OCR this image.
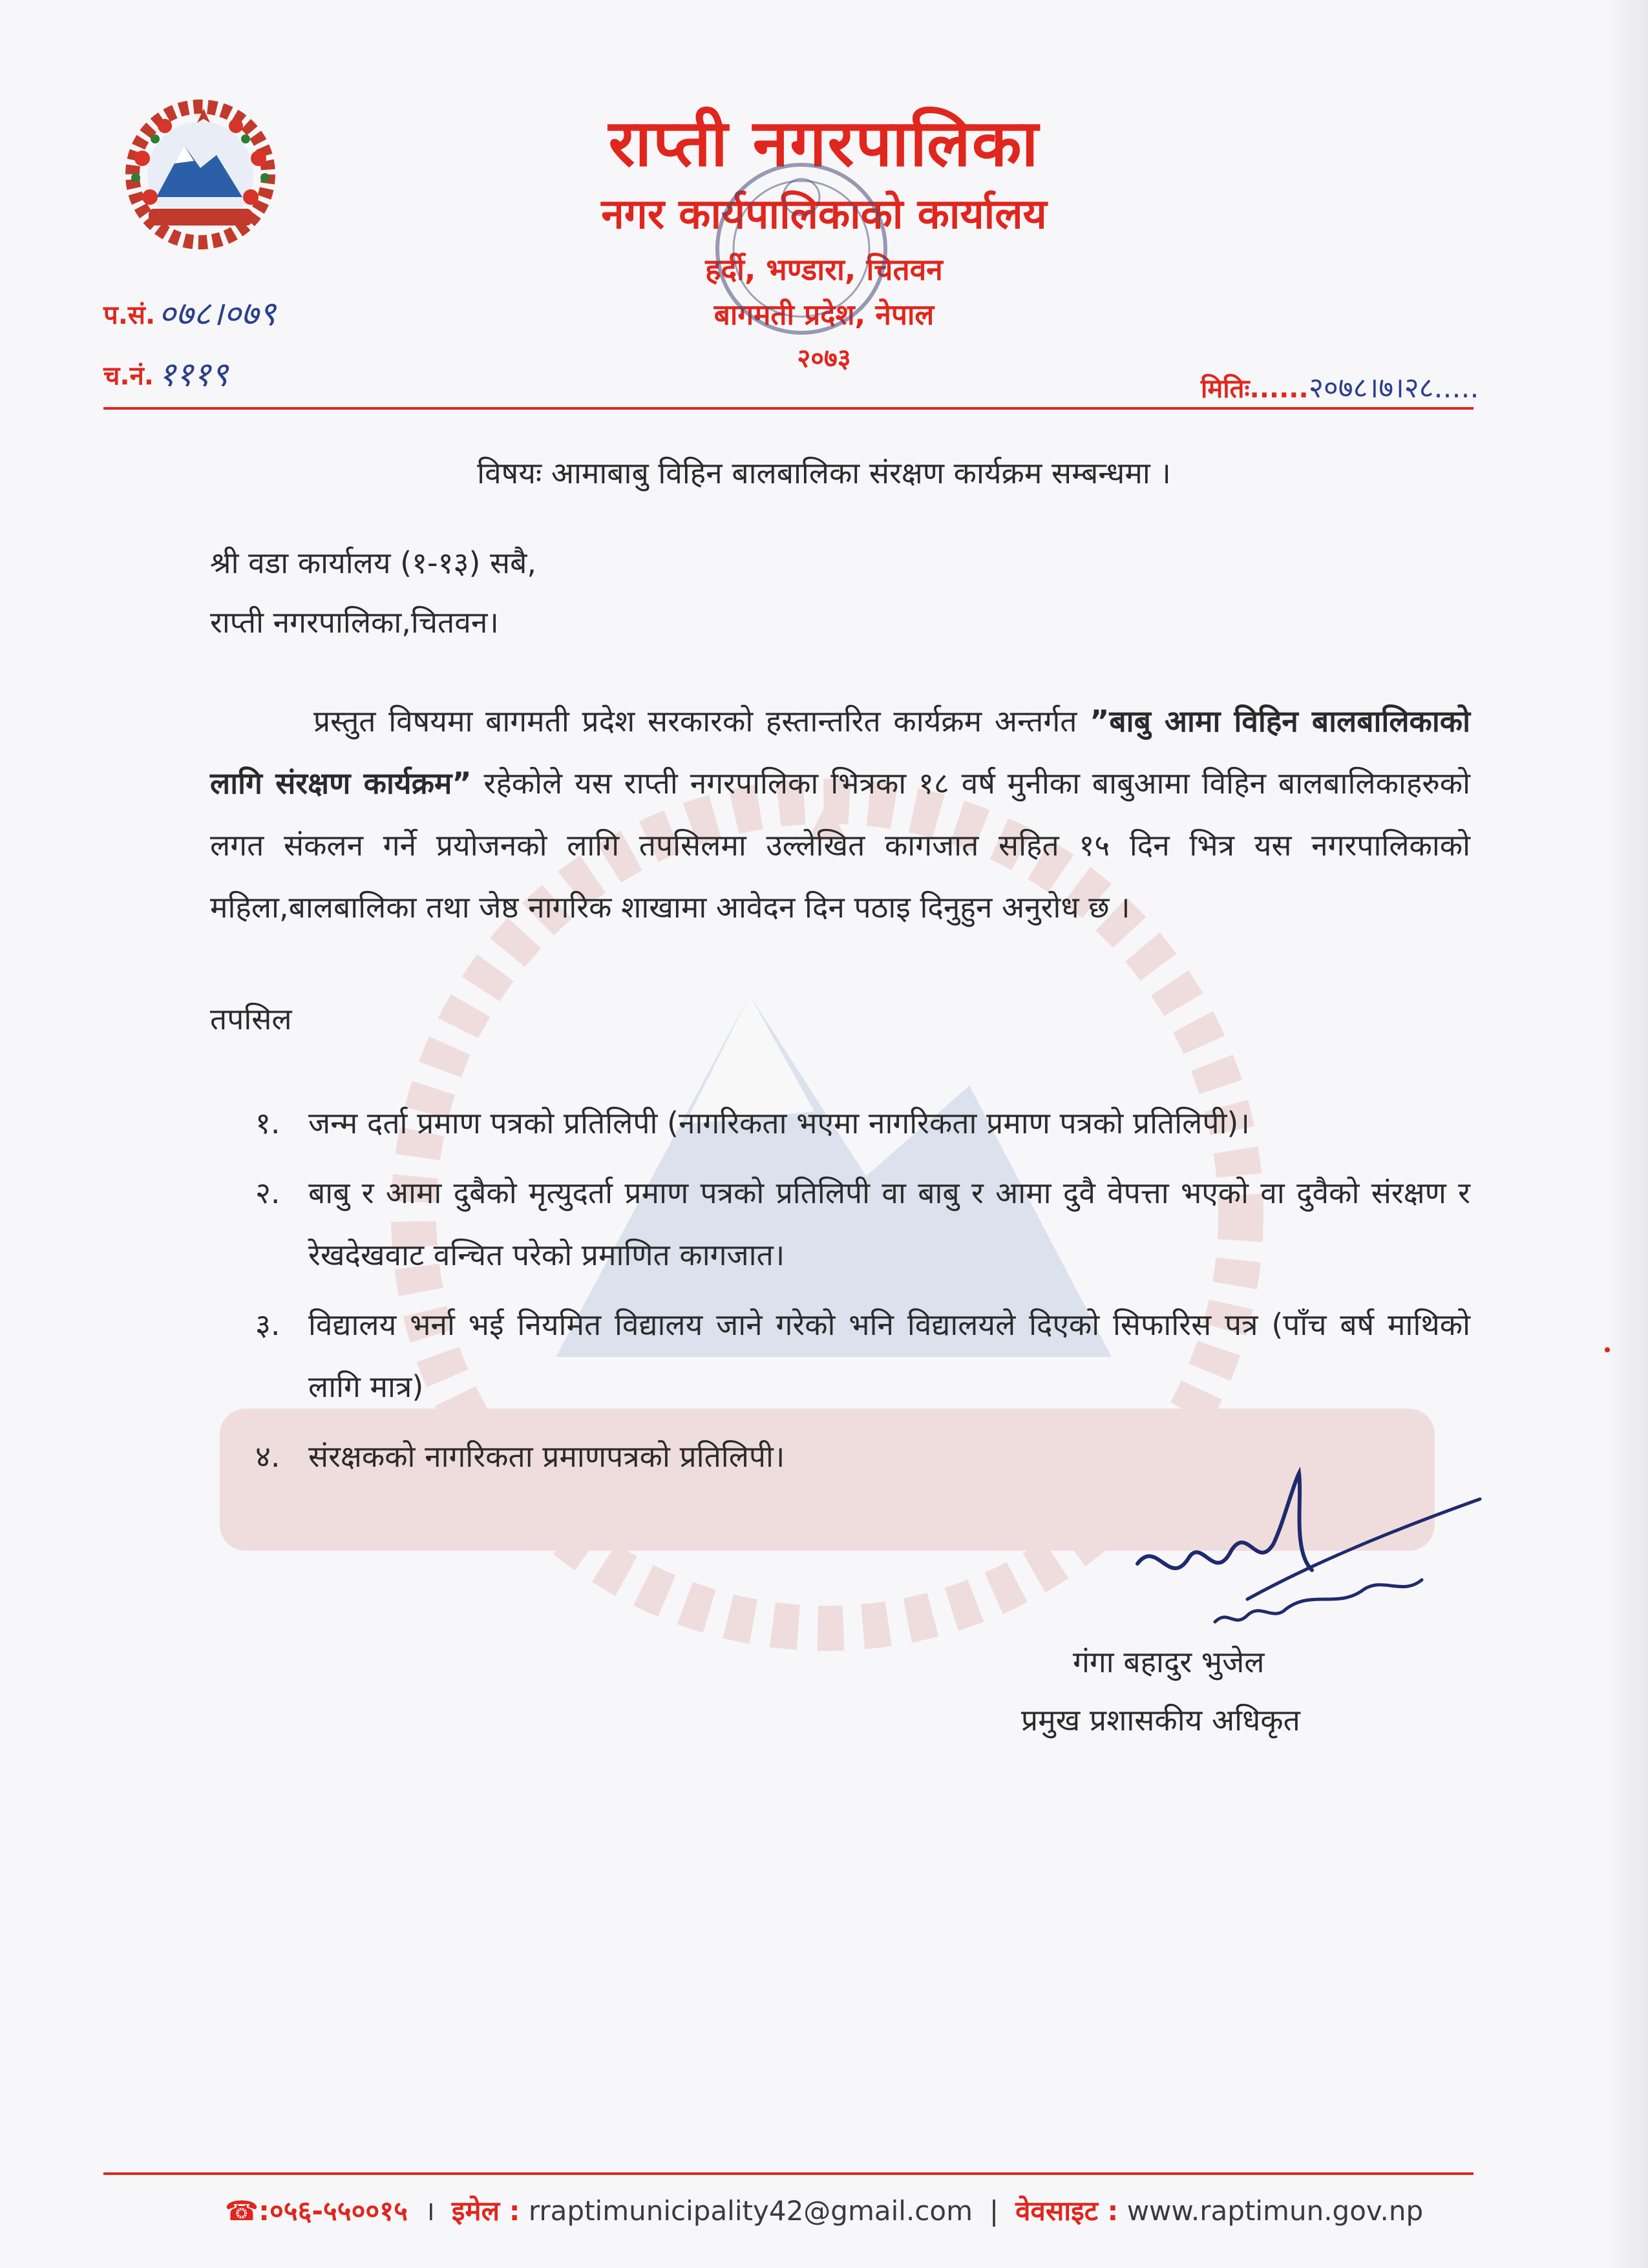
राप्ती नगरपालिका
नगर कार्यपालिकाको कार्यालय
हर्दी, भण्डारा, चितवन
बागमती प्रदेश, नेपाल
२०७३
प.सं. ०७८।०७९
च.नं. १११९	मितिः...... २०७८।७।२८.....
विषयः आमाबाबु विहिन बालबालिका संरक्षण कार्यक्रम सम्बन्धमा ।
श्री वडा कार्यालय (१-१३) सबै,
राप्ती नगरपालिका,चितवन।
प्रस्तुत विषयमा बागमती प्रदेश सरकारको हस्तान्तरित कार्यक्रम अन्तर्गत ”बाबु आमा विहिन बालबालिकाको लागि संरक्षण कार्यक्रम” रहेकोले यस राप्ती नगरपालिका भित्रका १८ वर्ष मुनीका बाबुआमा विहिन बालबालिकाहरुको लगत संकलन गर्ने प्रयोजनको लागि तपसिलमा उल्लेखित कागजात सहित १५ दिन भित्र यस नगरपालिकाको महिला,बालबालिका तथा जेष्ठ नागरिक शाखामा आवेदन दिन पठाइ दिनुहुन अनुरोध छ ।
तपसिल
१. जन्म दर्ता प्रमाण पत्रको प्रतिलिपी (नागरिकता भएमा नागरिकता प्रमाण पत्रको प्रतिलिपी)।
२. बाबु र आमा दुबैको मृत्युदर्ता प्रमाण पत्रको प्रतिलिपी वा बाबु र आमा दुवै वेपत्ता भएको वा दुवैको संरक्षण र रेखदेखवाट वन्चित परेको प्रमाणित कागजात।
३. विद्यालय भर्ना भई नियमित विद्यालय जाने गरेको भनि विद्यालयले दिएको सिफारिस पत्र (पाँच बर्ष माथिको लागि मात्र)
४. संरक्षकको नागरिकता प्रमाणपत्रको प्रतिलिपी।
गंगा बहादुर भुजेल
प्रमुख प्रशासकीय अधिकृत
☎:०५६-५५००१५ । इमेल : rraptimunicipality42@gmail.com | वेवसाइट : www.raptimun.gov.np
